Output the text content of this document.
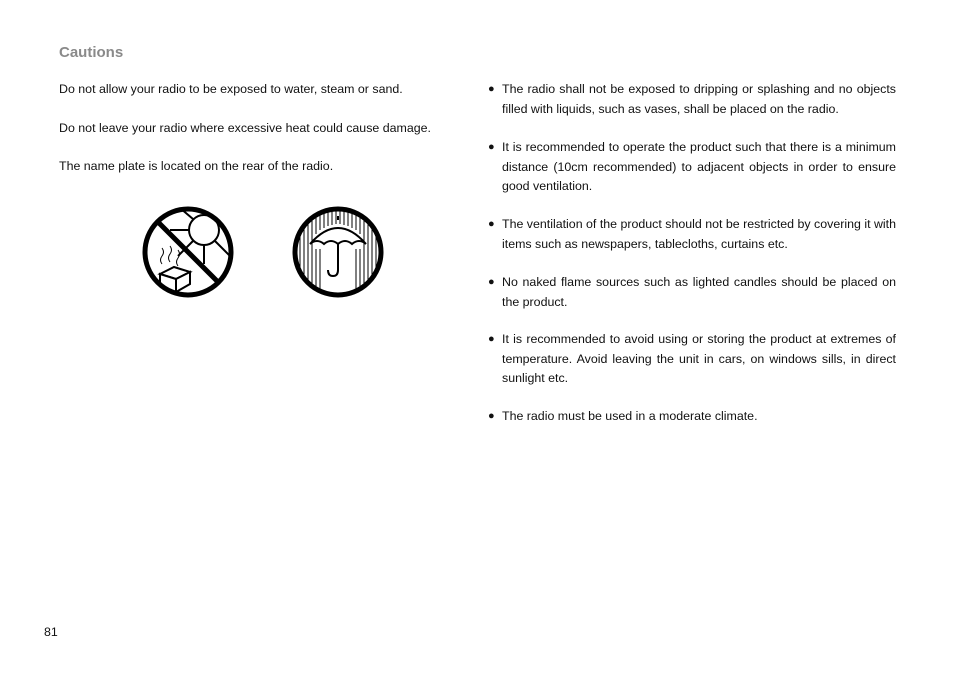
Cautions

Do not allow your radio to be exposed to water, steam or sand.

Do not leave your radio where excessive heat could cause damage.

The name plate is located on the rear of the radio.

● The radio shall not be exposed to dripping or splashing and no objects filled with liquids, such as vases, shall be placed on the radio.
● It is recommended to operate the product such that there is a minimum distance (10cm recommended) to adjacent objects in order to ensure good ventilation.
● The ventilation of the product should not be restricted by covering it with items such as newspapers, tablecloths, curtains etc.
● No naked flame sources such as lighted candles should be placed on the product.
● It is recommended to avoid using or storing the product at extremes of temperature. Avoid leaving the unit in cars, on windows sills, in direct sunlight etc.
● The radio must be used in a moderate climate.
81
